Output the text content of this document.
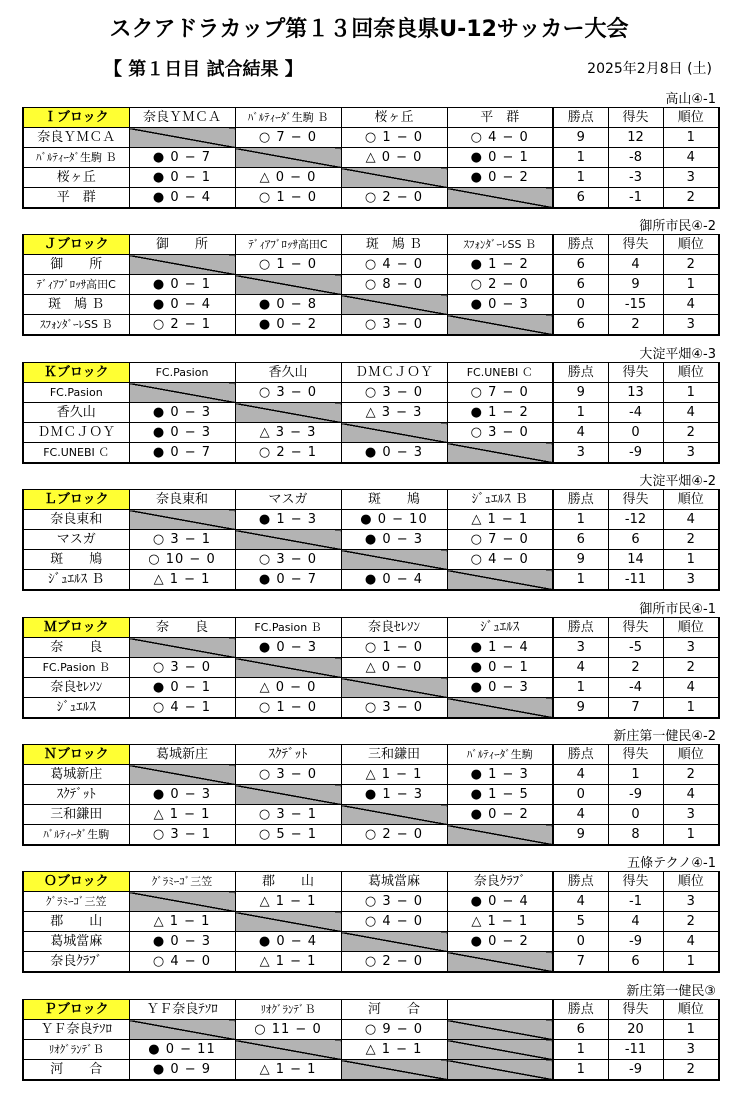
スクアドラカップ第１３回奈良県U-12サッカー大会
【 第１日目 試合結果 】	2025年2月8日 (土)
高山④-1
Ｉブロック	奈良ＹＭＣＡ	ﾊﾞﾙﾃｨｰﾀﾞ生駒 Ｂ	桜ヶ丘	平　群	勝点	得失	順位
奈良ＹＭＣＡ		○ 7 − 0	○ 1 − 0	○ 4 − 0	9	12	1
ﾊﾞﾙﾃｨｰﾀﾞ生駒 Ｂ	● 0 − 7		△ 0 − 0	● 0 − 1	1	-8	4
桜ヶ丘	● 0 − 1	△ 0 − 0		● 0 − 2	1	-3	3
平　群	● 0 − 4	○ 1 − 0	○ 2 − 0		6	-1	2
御所市民④-2
Ｊブロック	御　　所	ﾃﾞｨｱﾌﾞﾛｯｻ高田C	斑　鳩 Ｂ	ｽﾌｫﾝﾀﾞｰﾚSS Ｂ	勝点	得失	順位
御　　所		○ 1 − 0	○ 4 − 0	● 1 − 2	6	4	2
ﾃﾞｨｱﾌﾞﾛｯｻ高田C	● 0 − 1		○ 8 − 0	○ 2 − 0	6	9	1
斑　鳩 Ｂ	● 0 − 4	● 0 − 8		● 0 − 3	0	-15	4
ｽﾌｫﾝﾀﾞｰﾚSS Ｂ	○ 2 − 1	● 0 − 2	○ 3 − 0		6	2	3
大淀平畑④-3
Ｋブロック	FC.Pasion	香久山	ＤＭＣＪＯＹ	FC.UNEBI Ｃ	勝点	得失	順位
FC.Pasion		○ 3 − 0	○ 3 − 0	○ 7 − 0	9	13	1
香久山	● 0 − 3		△ 3 − 3	● 1 − 2	1	-4	4
ＤＭＣＪＯＹ	● 0 − 3	△ 3 − 3		○ 3 − 0	4	0	2
FC.UNEBI Ｃ	● 0 − 7	○ 2 − 1	● 0 − 3		3	-9	3
大淀平畑④-2
Ｌブロック	奈良東和	マスガ	斑　　鳩	ｼﾞｭｴﾙｽ Ｂ	勝点	得失	順位
奈良東和		● 1 − 3	● 0 − 10	△ 1 − 1	1	-12	4
マスガ	○ 3 − 1		● 0 − 3	○ 7 − 0	6	6	2
斑　　鳩	○ 10 − 0	○ 3 − 0		○ 4 − 0	9	14	1
ｼﾞｭｴﾙｽ Ｂ	△ 1 − 1	● 0 − 7	● 0 − 4		1	-11	3
御所市民④-1
Ｍブロック	奈　　良	FC.Pasion Ｂ	奈良ｾﾚｿﾝ	ｼﾞｭｴﾙｽ	勝点	得失	順位
奈　　良		● 0 − 3	○ 1 − 0	● 1 − 4	3	-5	3
FC.Pasion Ｂ	○ 3 − 0		△ 0 − 0	● 0 − 1	4	2	2
奈良ｾﾚｿﾝ	● 0 − 1	△ 0 − 0		● 0 − 3	1	-4	4
ｼﾞｭｴﾙｽ	○ 4 − 1	○ 1 − 0	○ 3 − 0		9	7	1
新庄第一健民④-2
Ｎブロック	葛城新庄	ｽｸﾃﾞｯﾄ	三和鎌田	ﾊﾞﾙﾃｨｰﾀﾞ生駒	勝点	得失	順位
葛城新庄		○ 3 − 0	△ 1 − 1	● 1 − 3	4	1	2
ｽｸﾃﾞｯﾄ	● 0 − 3		● 1 − 3	● 1 − 5	0	-9	4
三和鎌田	△ 1 − 1	○ 3 − 1		● 0 − 2	4	0	3
ﾊﾞﾙﾃｨｰﾀﾞ生駒	○ 3 − 1	○ 5 − 1	○ 2 − 0		9	8	1
五條テクノ④-1
Ｏブロック	ｸﾞﾗﾐｰｺﾞ三笠	郡　　山	葛城當麻	奈良ｸﾗﾌﾞ	勝点	得失	順位
ｸﾞﾗﾐｰｺﾞ三笠		△ 1 − 1	○ 3 − 0	● 0 − 4	4	-1	3
郡　　山	△ 1 − 1		○ 4 − 0	△ 1 − 1	5	4	2
葛城當麻	● 0 − 3	● 0 − 4		● 0 − 2	0	-9	4
奈良ｸﾗﾌﾞ	○ 4 − 0	△ 1 − 1	○ 2 − 0		7	6	1
新庄第一健民③
Ｐブロック	ＹＦ奈良ﾃｿﾛ	ﾘｵｸﾞﾗﾝﾃﾞＢ	河　　合		勝点	得失	順位
ＹＦ奈良ﾃｿﾛ		○ 11 − 0	○ 9 − 0		6	20	1
ﾘｵｸﾞﾗﾝﾃﾞＢ	● 0 − 11		△ 1 − 1		1	-11	3
河　　合	● 0 − 9	△ 1 − 1			1	-9	2
